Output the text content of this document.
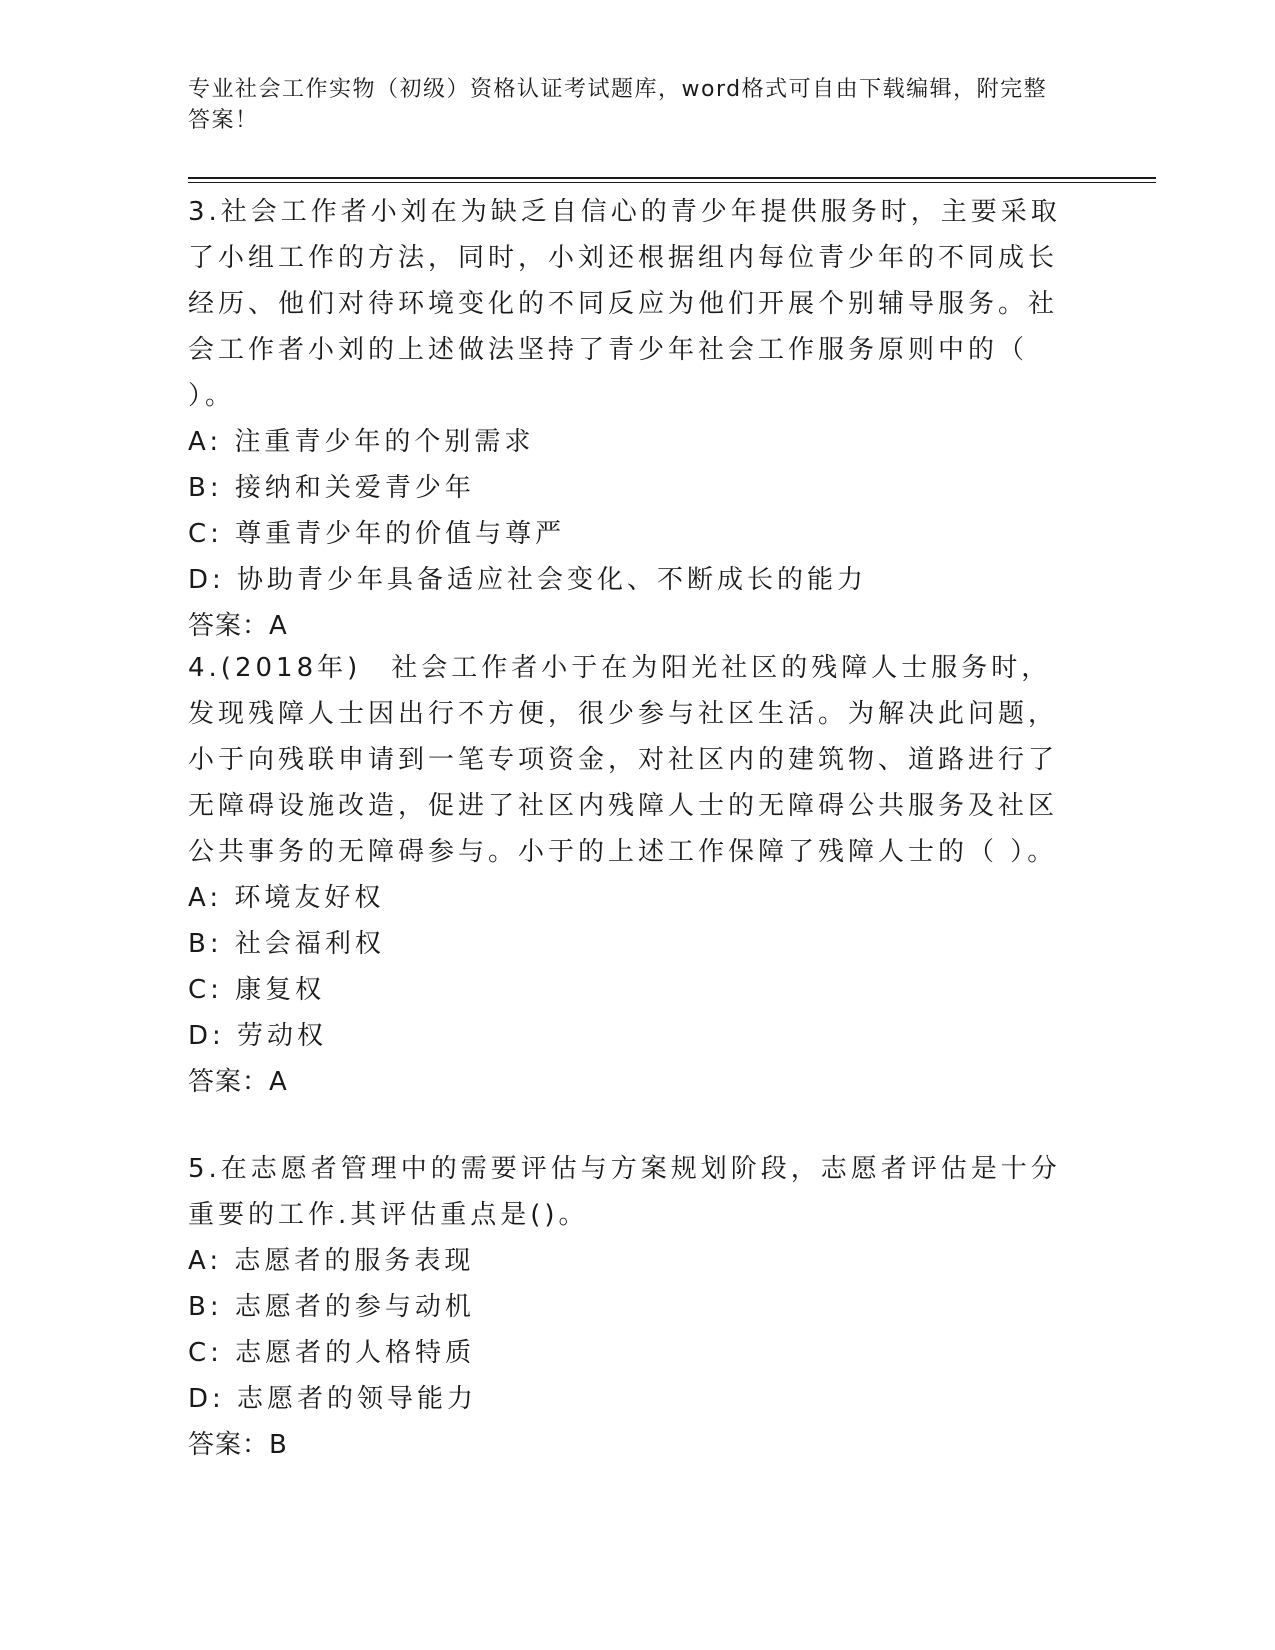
专业社会工作实物（初级）资格认证考试题库，word格式可自由下载编辑，附完整答案！

3.社会工作者小刘在为缺乏自信心的青少年提供服务时，主要采取了小组工作的方法，同时，小刘还根据组内每位青少年的不同成长经历、他们对待环境变化的不同反应为他们开展个别辅导服务。社会工作者小刘的上述做法坚持了青少年社会工作服务原则中的（ ）。

A: 注重青少年的个别需求

B: 接纳和关爱青少年

C: 尊重青少年的价值与尊严

D: 协助青少年具备适应社会变化、不断成长的能力

答案：A

4.(2018年)　社会工作者小于在为阳光社区的残障人士服务时，发现残障人士因出行不方便，很少参与社区生活。为解决此问题，小于向残联申请到一笔专项资金，对社区内的建筑物、道路进行了无障碍设施改造，促进了社区内残障人士的无障碍公共服务及社区公共事务的无障碍参与。小于的上述工作保障了残障人士的（ ）。

A: 环境友好权

B: 社会福利权

C: 康复权

D: 劳动权

答案：A

5.在志愿者管理中的需要评估与方案规划阶段，志愿者评估是十分重要的工作.其评估重点是()。

A: 志愿者的服务表现

B: 志愿者的参与动机

C: 志愿者的人格特质

D: 志愿者的领导能力

答案：B
